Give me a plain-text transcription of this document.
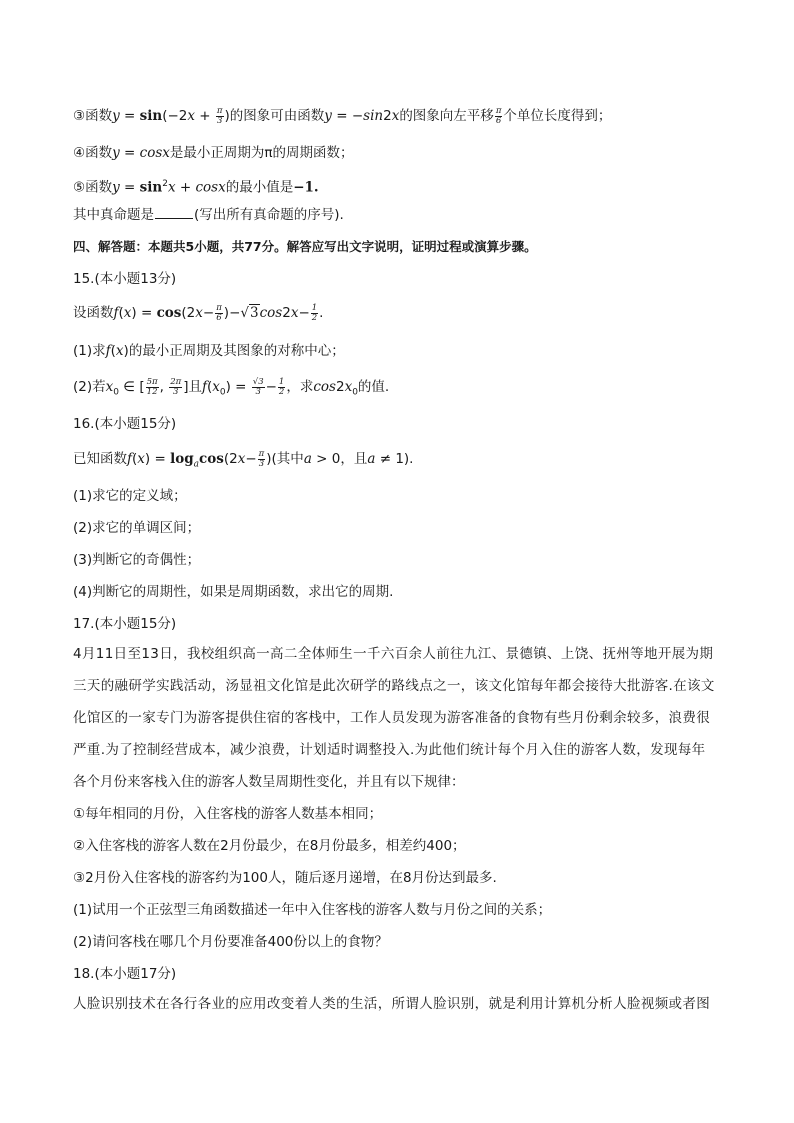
③函数$y = \sin(-2x + \frac{\pi}{3}$ )的图象可由函数y = −sin2x的图象向左平移 $\frac{\pi}{6}$ 个单位长度得到；
④函数y = cosx是最小正周期为π的周期函数；
⑤函数$y = \sin^2x + \cos x$的最小值是−1.
其中真命题是	(写出所有真命题的序号).
四、解答题：本题共5小题，共77分。解答应写出文字说明，证明过程或演算步骤。
15.(本小题13分)
设函数$f(x) = \cos(2x- \frac{\pi}{6} )-√3\cos 2x- \frac{1}{2}$ .
(1)求f(x)的最小正周期及其图象的对称中心；
(2)若$x_0$ ∈ [ $\frac{5\pi}{12}$ , $\frac{2\pi}{3}$ ]且$f(x_0) = \frac{√3}{3} - \frac{1}{2}$ ，求$\cos 2x_0$的值.
16.(本小题15分)
已知函数$f(x) = \log_a\cos(2x- \frac{\pi}{3}$ )(其中a > 0，且a ≠ 1).
(1)求它的定义域；
(2)求它的单调区间；
(3)判断它的奇偶性；
(4)判断它的周期性，如果是周期函数，求出它的周期.
17.(本小题15分)
4月11日至13日，我校组织高一高二全体师生一千六百余人前往九江、景德镇、上饶、抚州等地开展为期
三天的融研学实践活动，汤显祖文化馆是此次研学的路线点之一，该文化馆每年都会接待大批游客.在该文
化馆区的一家专门为游客提供住宿的客栈中，工作人员发现为游客准备的食物有些月份剩余较多，浪费很
严重.为了控制经营成本，减少浪费，计划适时调整投入.为此他们统计每个月入住的游客人数，发现每年
各个月份来客栈入住的游客人数呈周期性变化，并且有以下规律：
①每年相同的月份，入住客栈的游客人数基本相同；
②入住客栈的游客人数在2月份最少，在8月份最多，相差约400；
③2月份入住客栈的游客约为100人，随后逐月递增，在8月份达到最多.
(1)试用一个正弦型三角函数描述一年中入住客栈的游客人数与月份之间的关系；
(2)请问客栈在哪几个月份要准备400份以上的食物？
18.(本小题17分)
人脸识别技术在各行各业的应用改变着人类的生活，所谓人脸识别，就是利用计算机分析人脸视频或者图
